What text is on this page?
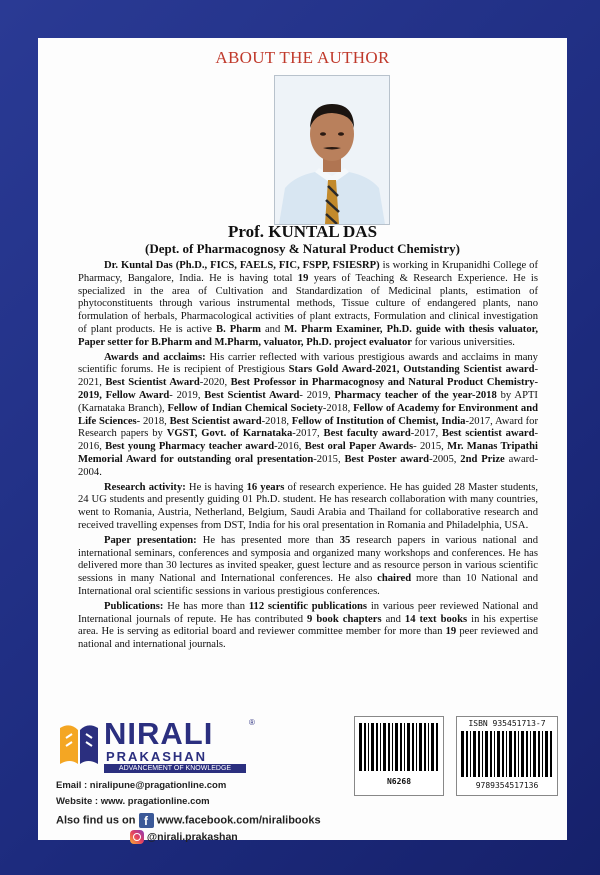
ABOUT THE AUTHOR
Prof. KUNTAL DAS
(Dept. of Pharmacognosy & Natural Product Chemistry)

Dr. Kuntal Das (Ph.D., FICS, FAELS, FIC, FSPP, FSIESRP) is working in Krupanidhi College of Pharmacy, Bangalore, India. He is having total 19 years of Teaching & Research Experience. He is specialized in the area of Cultivation and Standardization of Medicinal plants, estimation of phytoconstituents through various instrumental methods, Tissue culture of endangered plants, nano formulation of herbals, Pharmacological activities of plant extracts, Formulation and clinical investigation of plant products. He is active B. Pharm and M. Pharm Examiner, Ph.D. guide with thesis valuator, Paper setter for B.Pharm and M.Pharm, valuator, Ph.D. project evaluator for various universities.

Awards and acclaims: His carrier reflected with various prestigious awards and acclaims in many scientific forums. He is recipient of Prestigious Stars Gold Award-2021, Outstanding Scientist award-2021, Best Scientist Award-2020, Best Professor in Pharmacognosy and Natural Product Chemistry-2019, Fellow Award- 2019, Best Scientist Award- 2019, Pharmacy teacher of the year-2018 by APTI (Karnataka Branch), Fellow of Indian Chemical Society-2018, Fellow of Academy for Environment and Life Sciences- 2018, Best Scientist award-2018, Fellow of Institution of Chemist, India-2017, Award for Research papers by VGST, Govt. of Karnataka-2017, Best faculty award-2017, Best scientist award-2016, Best young Pharmacy teacher award-2016, Best oral Paper Awards- 2015, Mr. Manas Tripathi Memorial Award for outstanding oral presentation-2015, Best Poster award-2005, 2nd Prize award-2004.

Research activity: He is having 16 years of research experience. He has guided 28 Master students, 24 UG students and presently guiding 01 Ph.D. student. He has research collaboration with many countries, went to Romania, Austria, Netherland, Belgium, Saudi Arabia and Thailand for collaborative research and received travelling expenses from DST, India for his oral presentation in Romania and Philadelphia, USA.

Paper presentation: He has presented more than 35 research papers in various national and international seminars, conferences and symposia and organized many workshops and conferences. He has delivered more than 30 lectures as invited speaker, guest lecture and as resource person in various scientific sessions in many National and International conferences. He also chaired more than 10 National and International oral scientific sessions in various prestigious conferences.

Publications: He has more than 112 scientific publications in various peer reviewed National and International journals of repute. He has contributed 9 book chapters and 14 text books in his expertise area. He is serving as editorial board and reviewer committee member for more than 19 peer reviewed and national and international journals.

NIRALI	®
PRAKASHAN
ADVANCEMENT OF KNOWLEDGE
Email : niralipune@pragationline.com
Website : www. pragationline.com
Also find us on f www.facebook.com/niralibooks
@nirali.prakashan
N6268
ISBN 935451713-7
9789354517136
